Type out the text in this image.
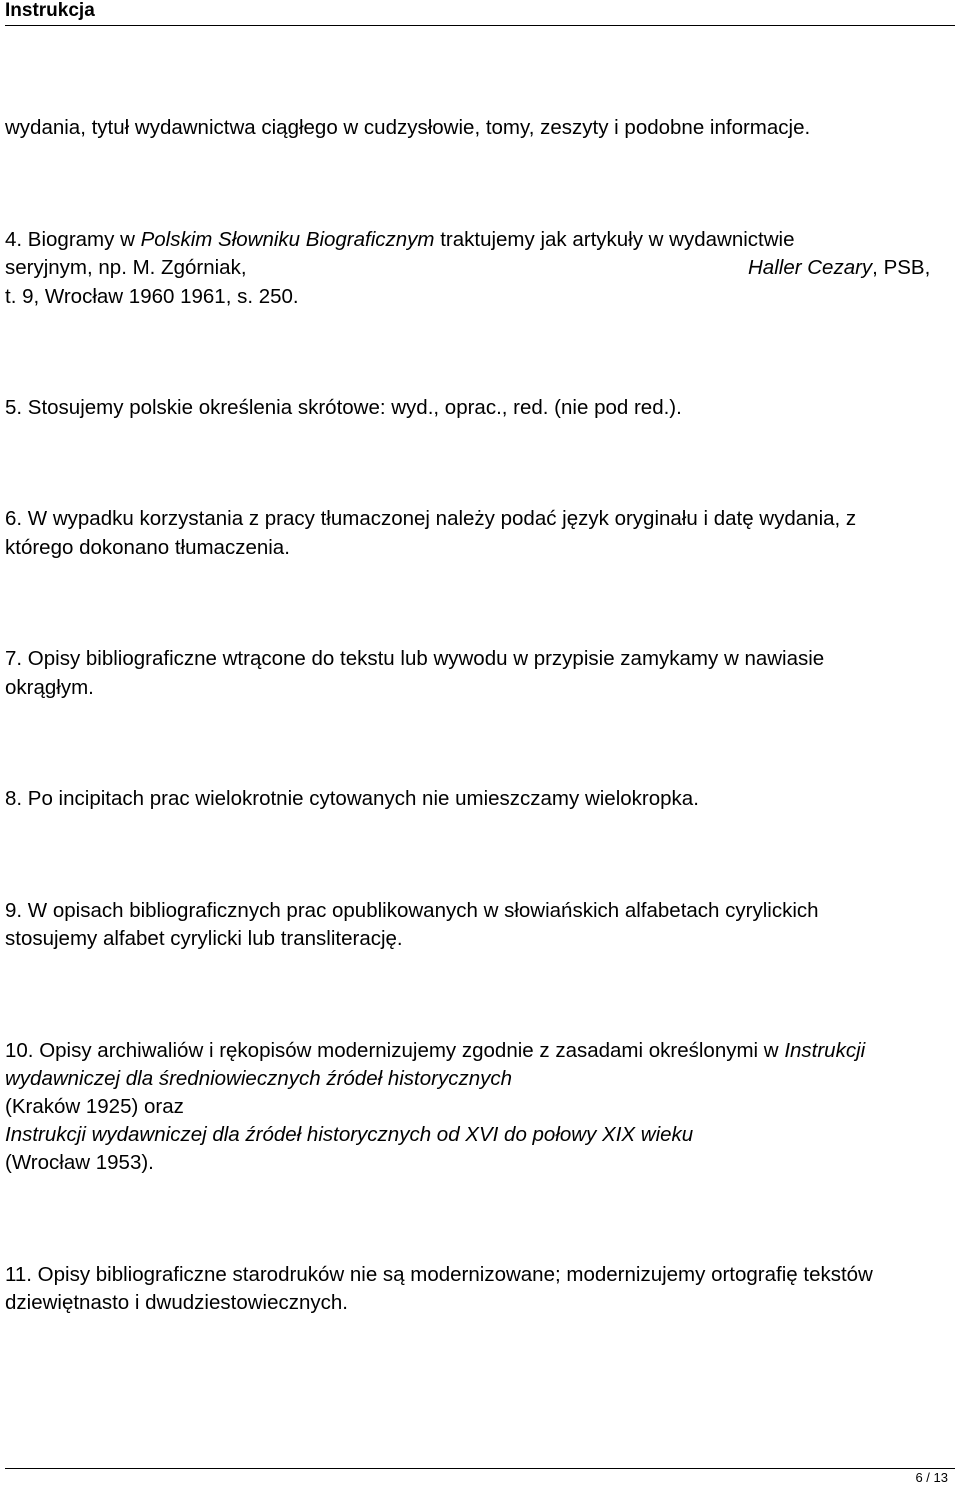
Instrukcja
wydania, tytuł wydawnictwa ciągłego w cudzysłowie, tomy, zeszyty i podobne informacje.
4. Biogramy w Polskim Słowniku Biograficznym traktujemy jak artykuły w wydawnictwie
seryjnym, np. M. Zgórniak,	Haller Cezary, PSB,
t. 9, Wrocław 1960 1961, s. 250.
5. Stosujemy polskie określenia skrótowe: wyd., oprac., red. (nie pod red.).
6. W wypadku korzystania z pracy tłumaczonej należy podać język oryginału i datę wydania, z
którego dokonano tłumaczenia.
7. Opisy bibliograficzne wtrącone do tekstu lub wywodu w przypisie zamykamy w nawiasie
okrągłym.
8. Po incipitach prac wielokrotnie cytowanych nie umieszczamy wielokropka.
9. W opisach bibliograficznych prac opublikowanych w słowiańskich alfabetach cyrylickich
stosujemy alfabet cyrylicki lub transliterację.
10. Opisy archiwaliów i rękopisów modernizujemy zgodnie z zasadami określonymi w Instrukcji
wydawniczej dla średniowiecznych źródeł historycznych
(Kraków 1925) oraz
Instrukcji wydawniczej dla źródeł historycznych od XVI do połowy XIX wieku
(Wrocław 1953).
11. Opisy bibliograficzne starodruków nie są modernizowane; modernizujemy ortografię tekstów
dziewiętnasto i dwudziestowiecznych.
6 / 13
